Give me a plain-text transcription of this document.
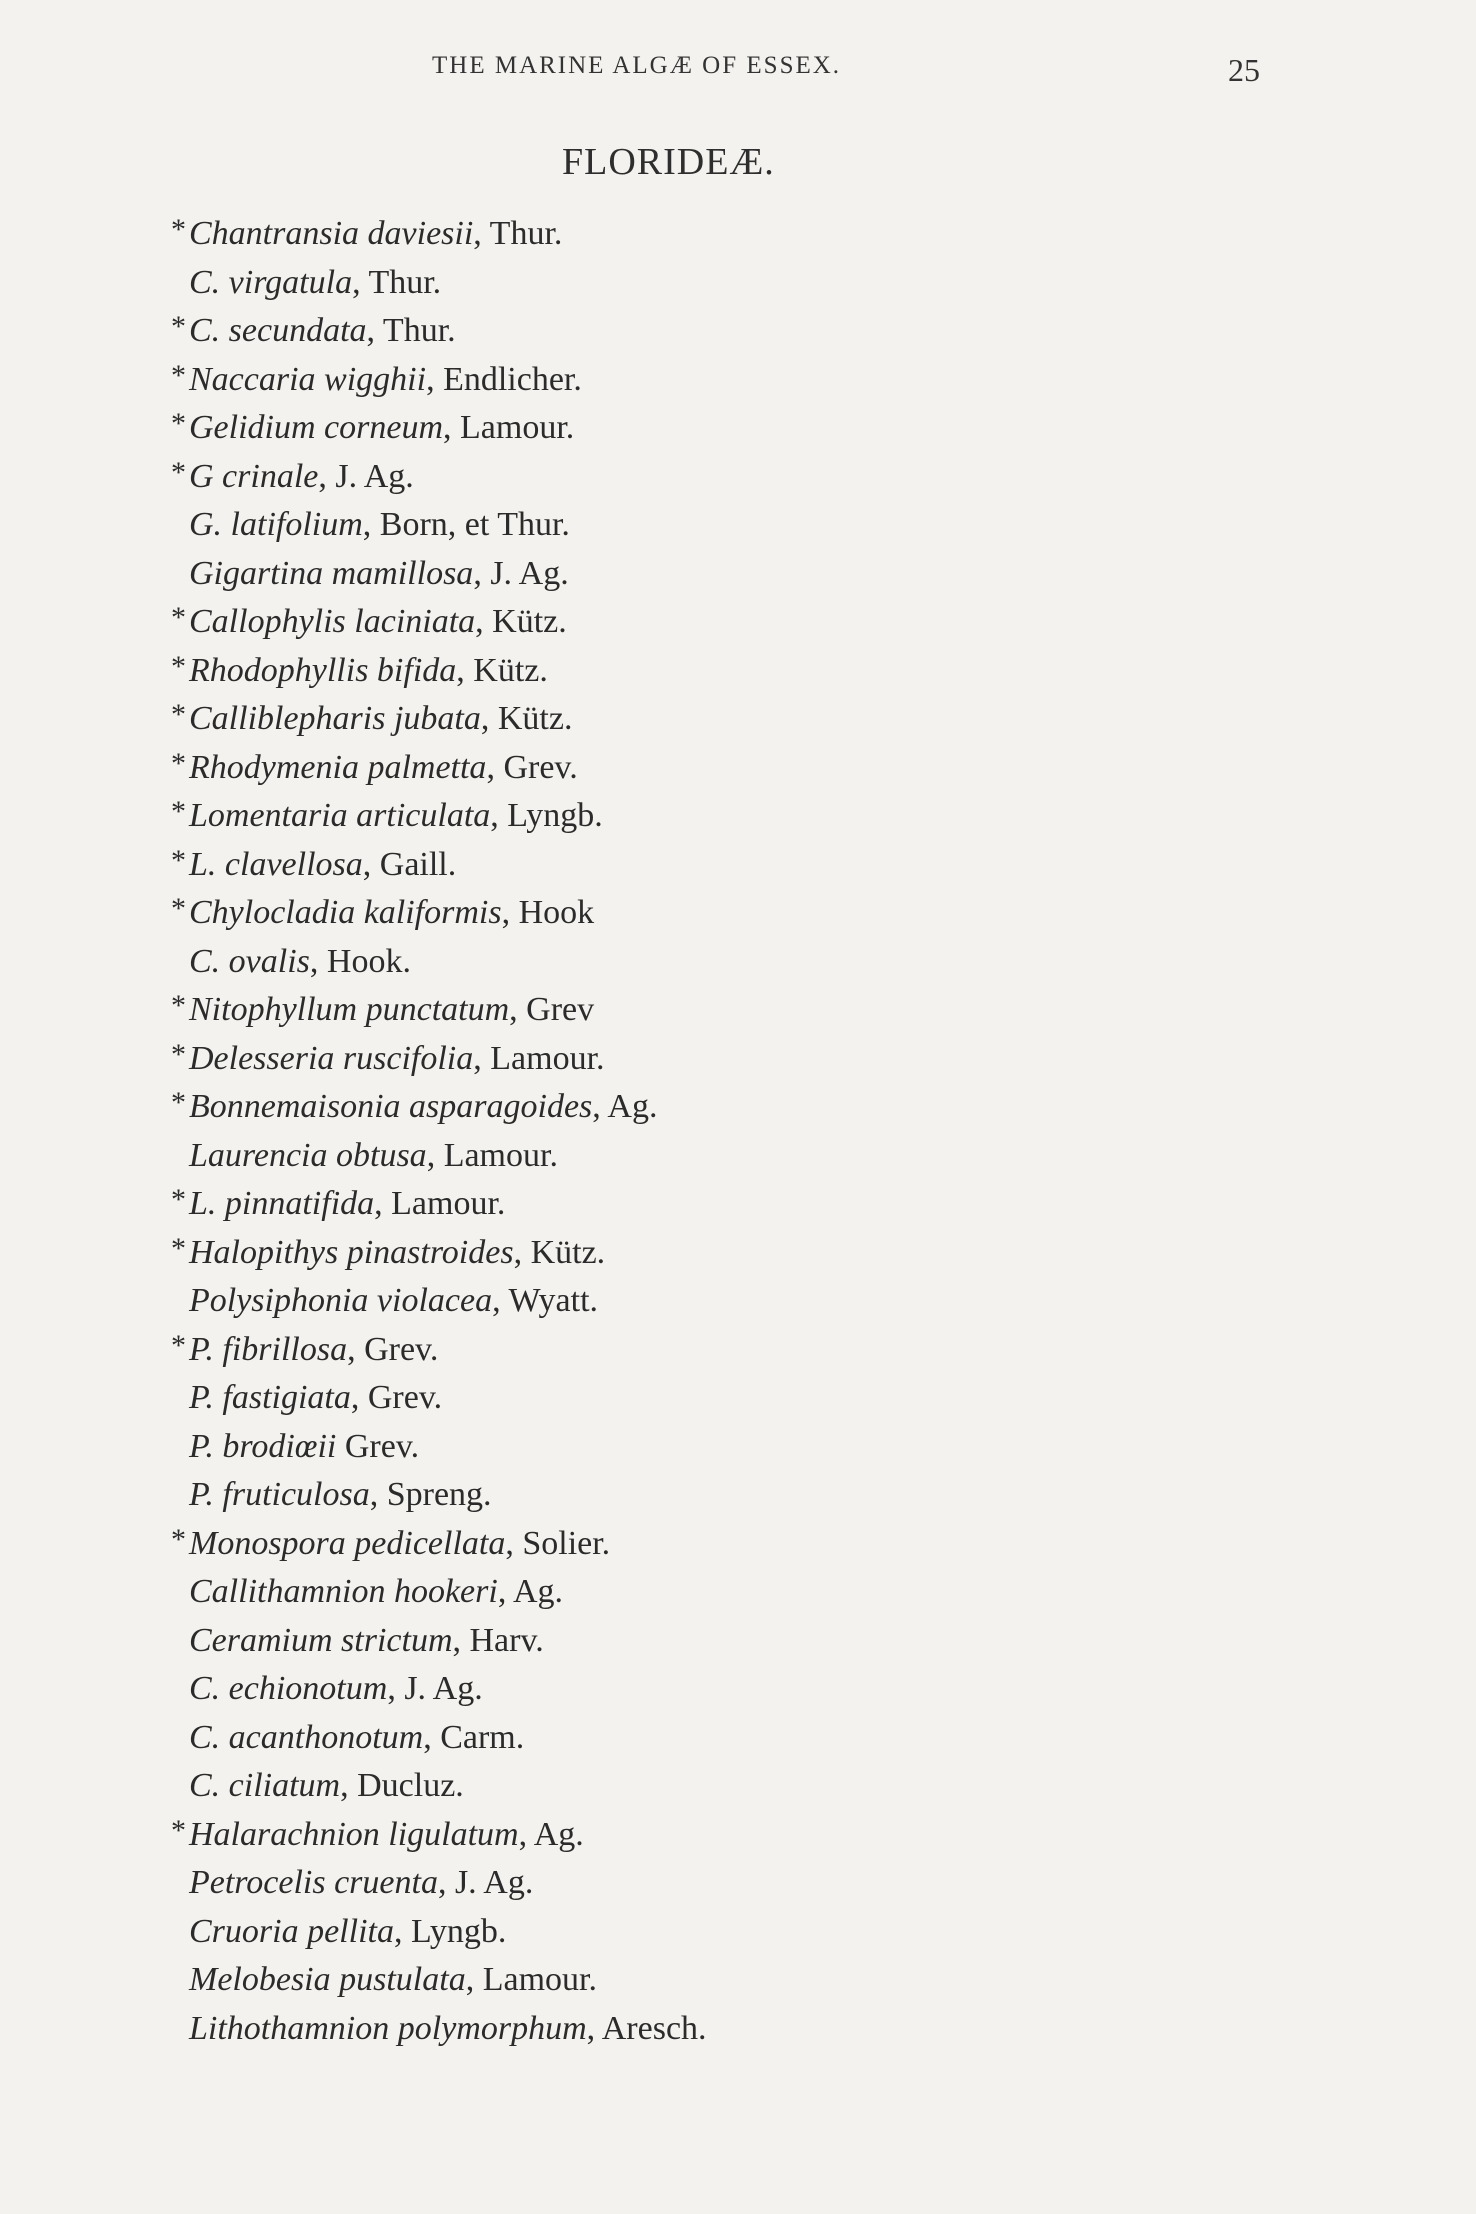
THE MARINE ALGÆ OF ESSEX.	25
FLORIDEÆ.
*Chantransia daviesii, Thur.
C. virgatula, Thur.
*C. secundata, Thur.
*Naccaria wigghii, Endlicher.
*Gelidium corneum, Lamour.
*G crinale, J. Ag.
G. latifolium, Born, et Thur.
Gigartina mamillosa, J. Ag.
*Callophylis laciniata, Kütz.
*Rhodophyllis bifida, Kütz.
*Calliblepharis jubata, Kütz.
*Rhodymenia palmetta, Grev.
*Lomentaria articulata, Lyngb.
*L. clavellosa, Gaill.
*Chylocladia kaliformis, Hook
C. ovalis, Hook.
*Nitophyllum punctatum, Grev
*Delesseria ruscifolia, Lamour.
*Bonnemaisonia asparagoides, Ag.
Laurencia obtusa, Lamour.
*L. pinnatifida, Lamour.
*Halopithys pinastroides, Kütz.
Polysiphonia violacea, Wyatt.
*P. fibrillosa, Grev.
P. fastigiata, Grev.
P. brodiœii Grev.
P. fruticulosa, Spreng.
*Monospora pedicellata, Solier.
Callithamnion hookeri, Ag.
Ceramium strictum, Harv.
C. echionotum, J. Ag.
C. acanthonotum, Carm.
C. ciliatum, Ducluz.
*Halarachnion ligulatum, Ag.
Petrocelis cruenta, J. Ag.
Cruoria pellita, Lyngb.
Melobesia pustulata, Lamour.
Lithothamnion polymorphum, Aresch.
